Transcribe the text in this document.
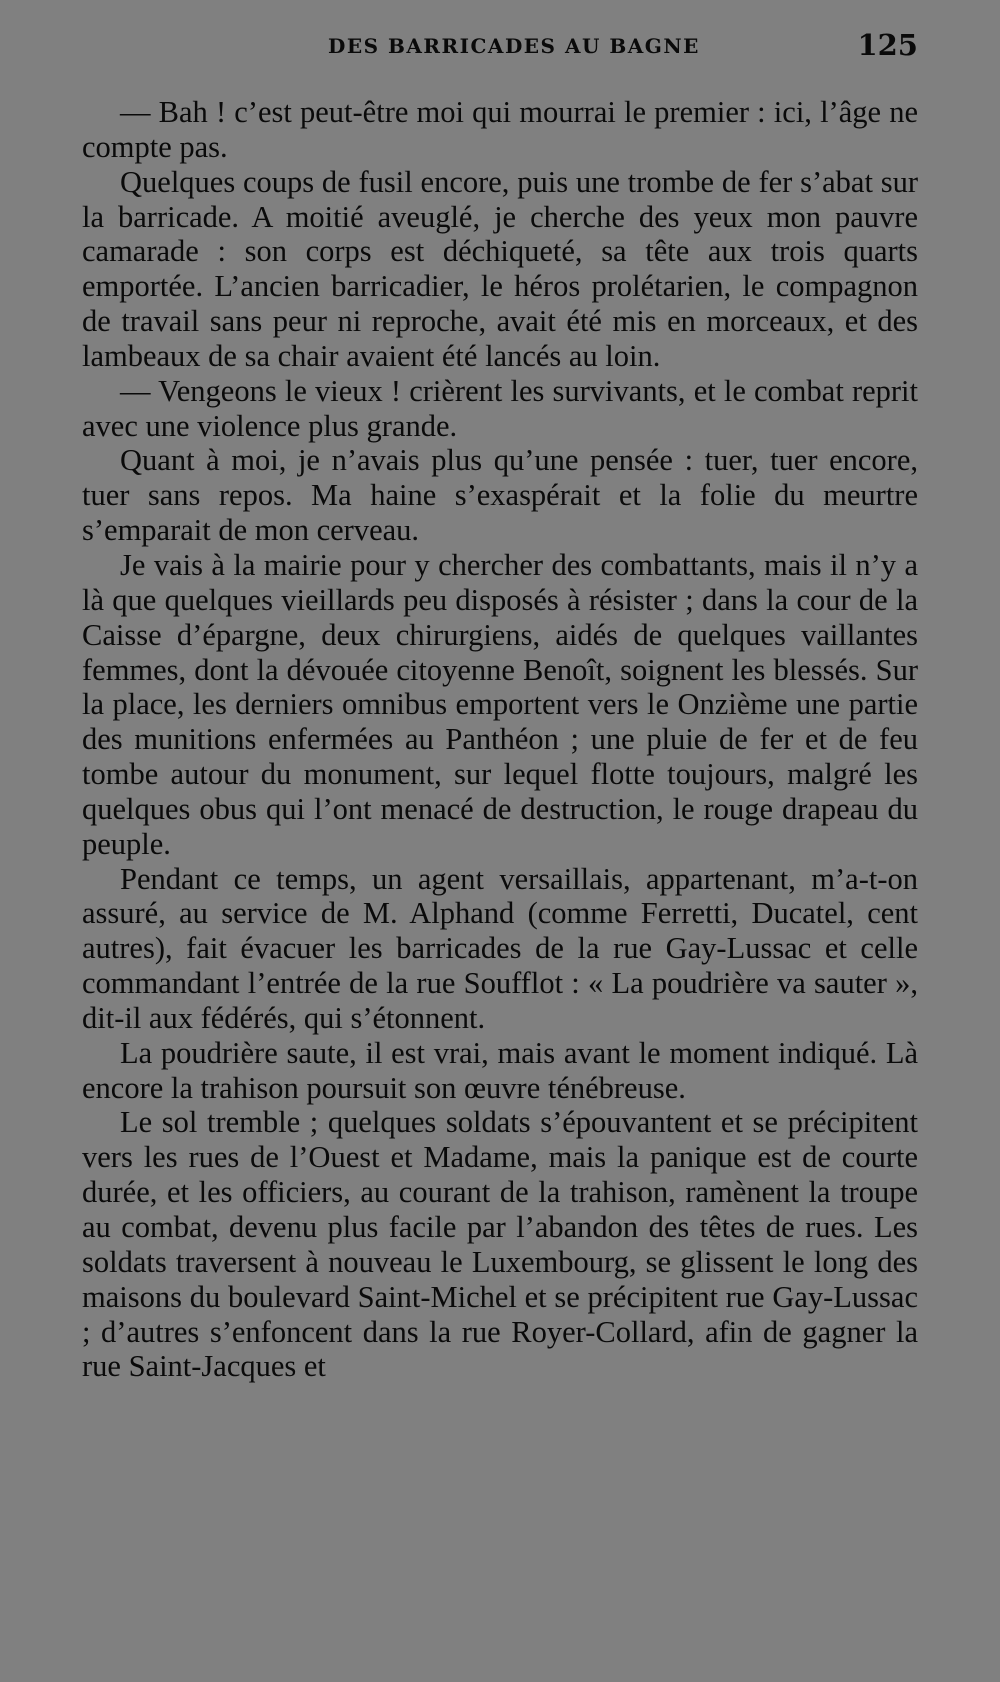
DES BARRICADES AU BAGNE	125

— Bah ! c’est peut-être moi qui mourrai le premier : ici, l’âge ne compte pas.

Quelques coups de fusil encore, puis une trombe de fer s’abat sur la barricade. A moitié aveuglé, je cherche des yeux mon pauvre camarade : son corps est déchiqueté, sa tête aux trois quarts emportée. L’ancien barricadier, le héros prolétarien, le compagnon de travail sans peur ni reproche, avait été mis en morceaux, et des lambeaux de sa chair avaient été lancés au loin.

— Vengeons le vieux ! crièrent les survivants, et le combat reprit avec une violence plus grande.

Quant à moi, je n’avais plus qu’une pensée : tuer, tuer encore, tuer sans repos. Ma haine s’exaspérait et la folie du meurtre s’emparait de mon cerveau.

Je vais à la mairie pour y chercher des combattants, mais il n’y a là que quelques vieillards peu disposés à résister ; dans la cour de la Caisse d’épargne, deux chirurgiens, aidés de quelques vaillantes femmes, dont la dévouée citoyenne Benoît, soignent les blessés. Sur la place, les derniers omnibus emportent vers le Onzième une partie des munitions enfermées au Panthéon ; une pluie de fer et de feu tombe autour du monument, sur lequel flotte toujours, malgré les quelques obus qui l’ont menacé de destruction, le rouge drapeau du peuple.

Pendant ce temps, un agent versaillais, appartenant, m’a-t-on assuré, au service de M. Alphand (comme Ferretti, Ducatel, cent autres), fait évacuer les barricades de la rue Gay-Lussac et celle commandant l’entrée de la rue Soufflot : « La poudrière va sauter », dit-il aux fédérés, qui s’étonnent.

La poudrière saute, il est vrai, mais avant le moment indiqué. Là encore la trahison poursuit son œuvre ténébreuse.

Le sol tremble ; quelques soldats s’épouvantent et se précipitent vers les rues de l’Ouest et Madame, mais la panique est de courte durée, et les officiers, au courant de la trahison, ramènent la troupe au combat, devenu plus facile par l’abandon des têtes de rues. Les soldats traversent à nouveau le Luxembourg, se glissent le long des maisons du boulevard Saint-Michel et se précipitent rue Gay-Lussac ; d’autres s’enfoncent dans la rue Royer-Collard, afin de gagner la rue Saint-Jacques et
